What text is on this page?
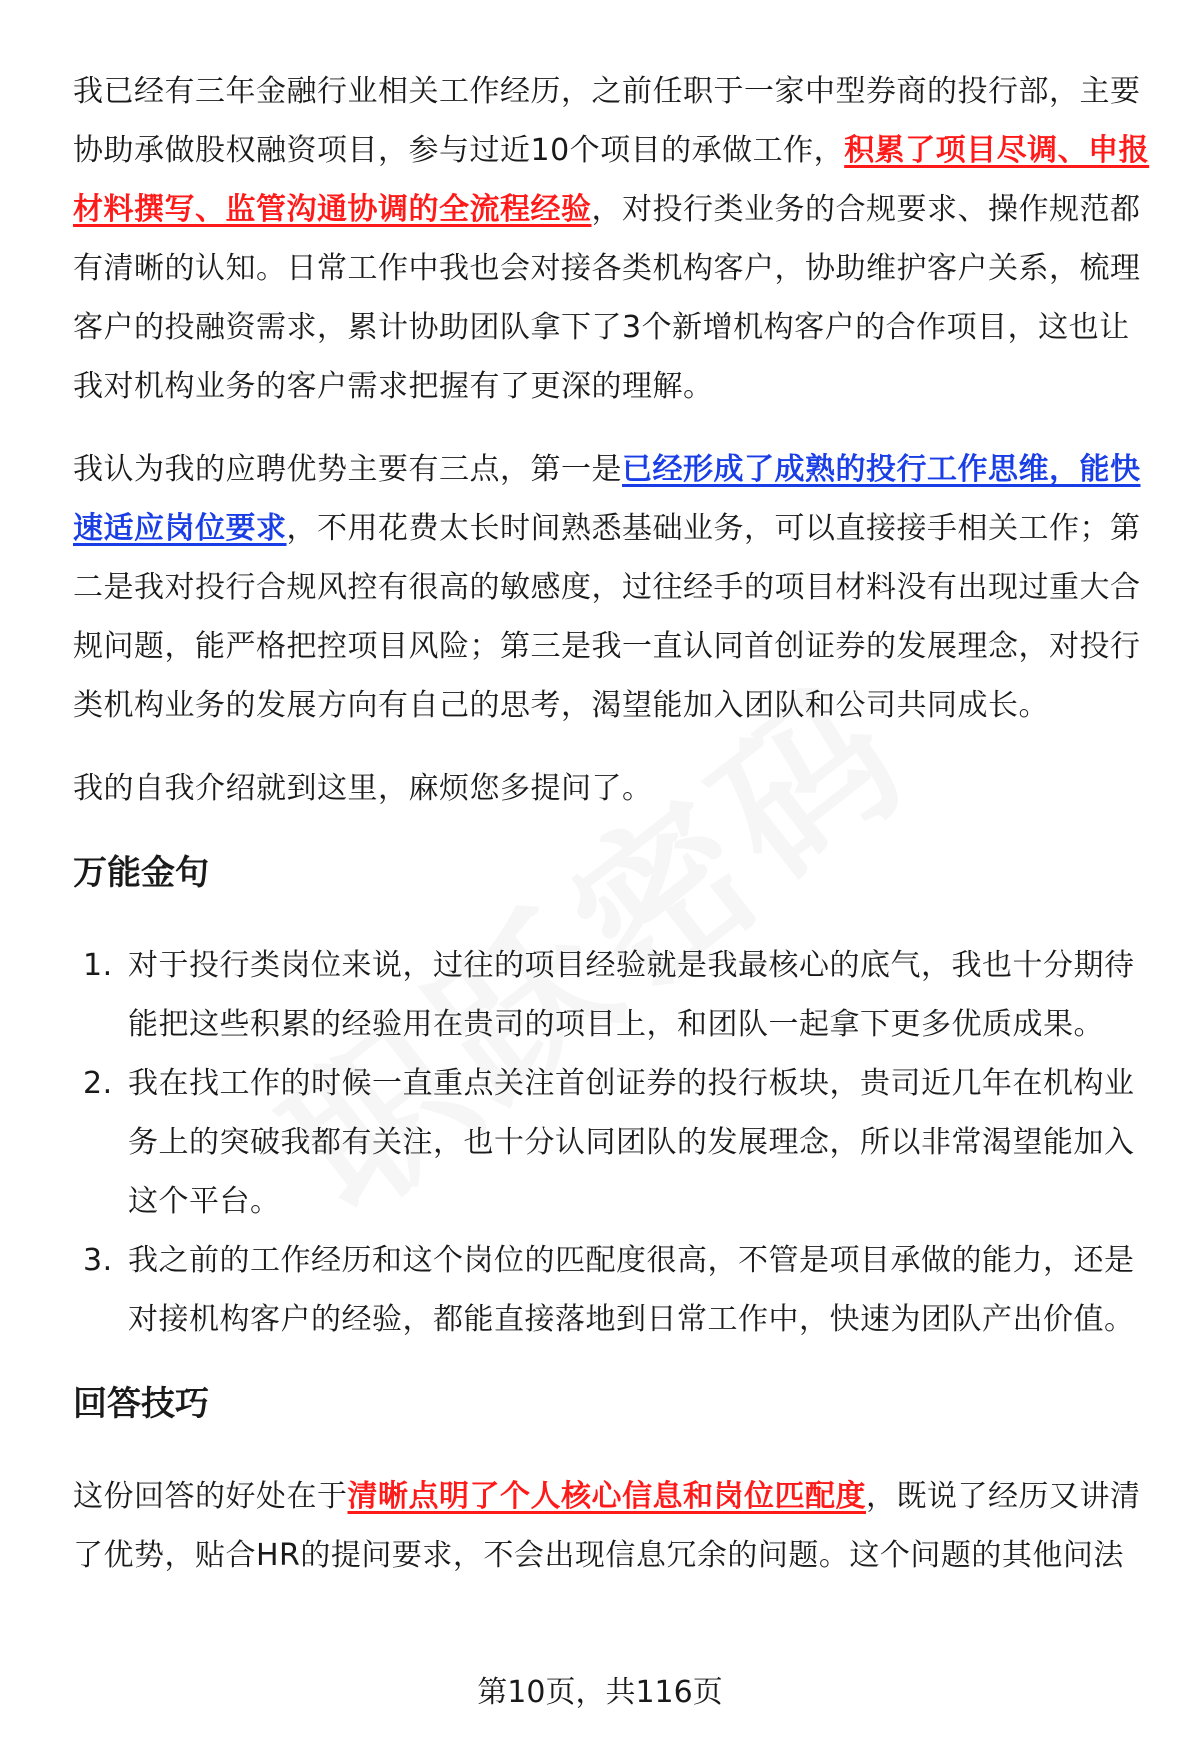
我已经有三年金融行业相关工作经历，之前任职于一家中型券商的投行部，主要协助承做股权融资项目，参与过近10个项目的承做工作，积累了项目尽调、申报材料撰写、监管沟通协调的全流程经验，对投行类业务的合规要求、操作规范都有清晰的认知。日常工作中我也会对接各类机构客户，协助维护客户关系，梳理客户的投融资需求，累计协助团队拿下了3个新增机构客户的合作项目，这也让我对机构业务的客户需求把握有了更深的理解。

我认为我的应聘优势主要有三点，第一是已经形成了成熟的投行工作思维，能快速适应岗位要求，不用花费太长时间熟悉基础业务，可以直接接手相关工作；第二是我对投行合规风控有很高的敏感度，过往经手的项目材料没有出现过重大合规问题，能严格把控项目风险；第三是我一直认同首创证券的发展理念，对投行类机构业务的发展方向有自己的思考，渴望能加入团队和公司共同成长。

我的自我介绍就到这里，麻烦您多提问了。

万能金句
1. 对于投行类岗位来说，过往的项目经验就是我最核心的底气，我也十分期待能把这些积累的经验用在贵司的项目上，和团队一起拿下更多优质成果。
2. 我在找工作的时候一直重点关注首创证券的投行板块，贵司近几年在机构业务上的突破我都有关注，也十分认同团队的发展理念，所以非常渴望能加入这个平台。
3. 我之前的工作经历和这个岗位的匹配度很高，不管是项目承做的能力，还是对接机构客户的经验，都能直接落地到日常工作中，快速为团队产出价值。
回答技巧

这份回答的好处在于清晰点明了个人核心信息和岗位匹配度，既说了经历又讲清了优势，贴合HR的提问要求，不会出现信息冗余的问题。这个问题的其他问法

第10页，共116页
